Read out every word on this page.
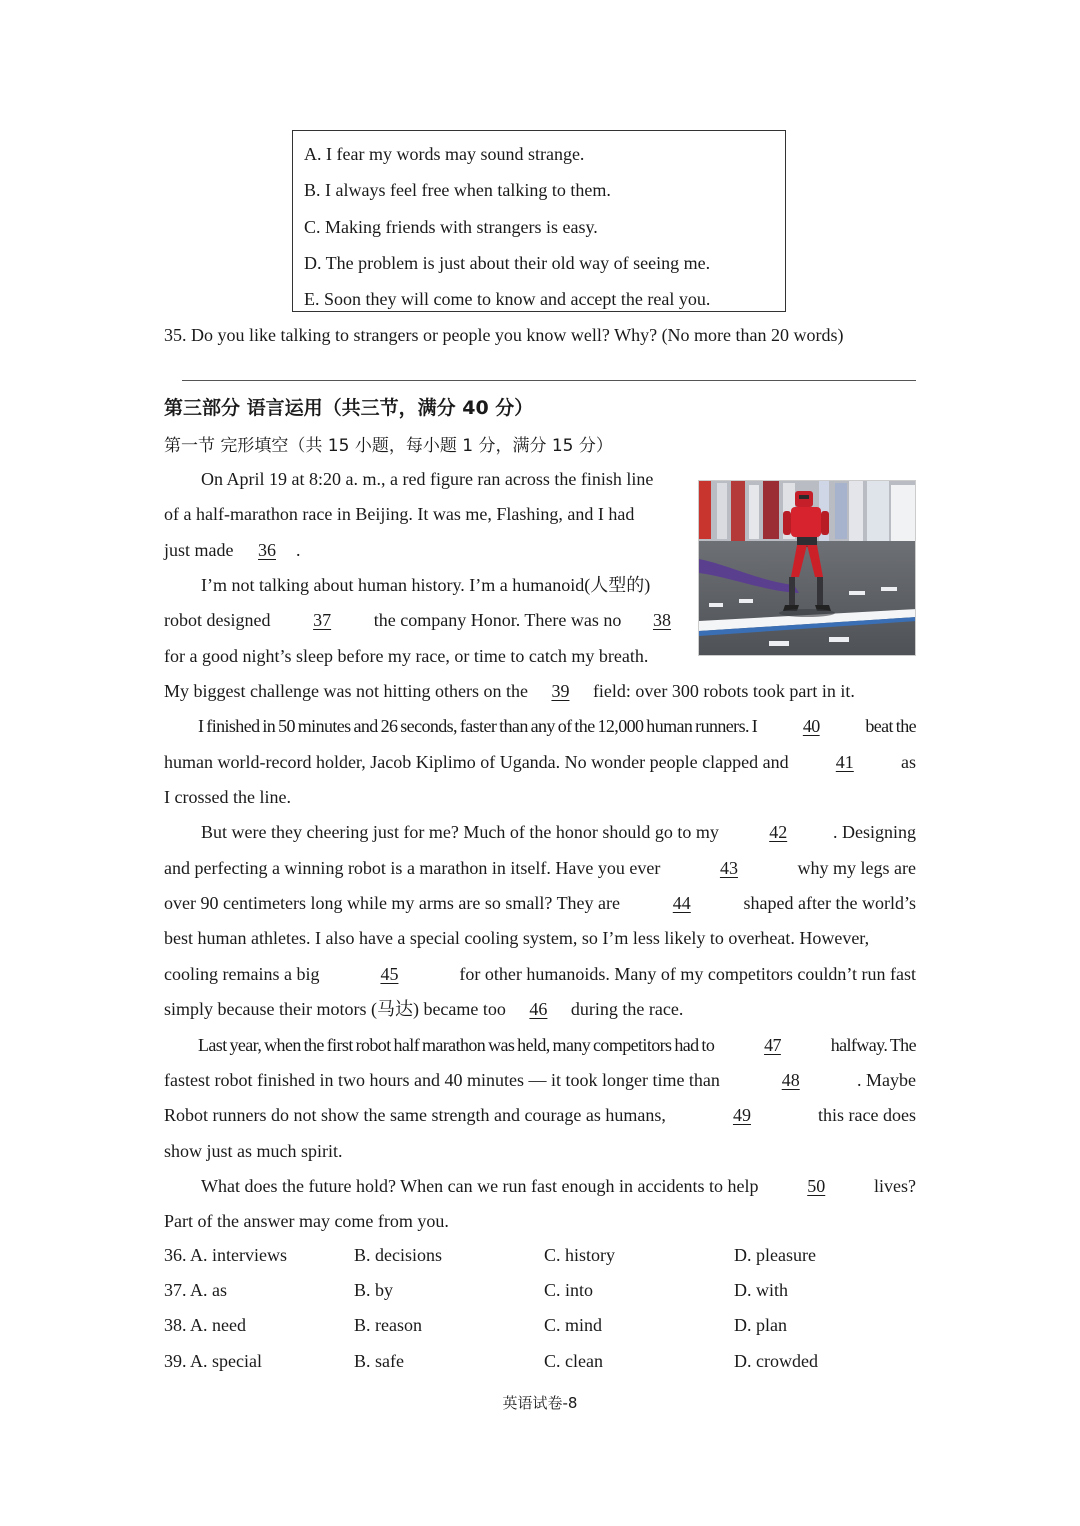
A. I fear my words may sound strange.
B. I always feel free when talking to them.
C. Making friends with strangers is easy.
D. The problem is just about their old way of seeing me.
E. Soon they will come to know and accept the real you.
35. Do you like talking to strangers or people you know well? Why? (No more than 20 words)
第三部分 语言运用（共三节，满分 40 分）
第一节 完形填空（共 15 小题，每小题 1 分，满分 15 分）
On April 19 at 8:20 a. m., a red figure ran across the finish line
of a half-marathon race in Beijing. It was me, Flashing, and I had
just made	36	.
I’m not talking about human history. I’m a humanoid(人型的)
robot designed	37	the company Honor. There was no	38
for a good night’s sleep before my race, or time to catch my breath.
My biggest challenge was not hitting others on the	39	field: over 300 robots took part in it.
I finished in 50 minutes and 26 seconds, faster than any of the 12,000 human runners. I	40	beat the
human world-record holder, Jacob Kiplimo of Uganda. No wonder people clapped and	41	as
I crossed the line.
But were they cheering just for me? Much of the honor should go to my	42	. Designing
and perfecting a winning robot is a marathon in itself. Have you ever	43	why my legs are
over 90 centimeters long while my arms are so small? They are	44	shaped after the world’s
best human athletes. I also have a special cooling system, so I’m less likely to overheat. However,
cooling remains a big	45	for other humanoids. Many of my competitors couldn’t run fast
simply because their motors (马达) became too	46	during the race.
Last year, when the first robot half marathon was held, many competitors had to	47	halfway. The
fastest robot finished in two hours and 40 minutes — it took longer time than	48	. Maybe
Robot runners do not show the same strength and courage as humans,	49	this race does
show just as much spirit.
What does the future hold? When can we run fast enough in accidents to help	50	lives?
Part of the answer may come from you.
36. A. interviews	B. decisions	C. history	D. pleasure
37. A. as	B. by	C. into	D. with
38. A. need	B. reason	C. mind	D. plan
39. A. special	B. safe	C. clean	D. crowded
英语试卷-8
